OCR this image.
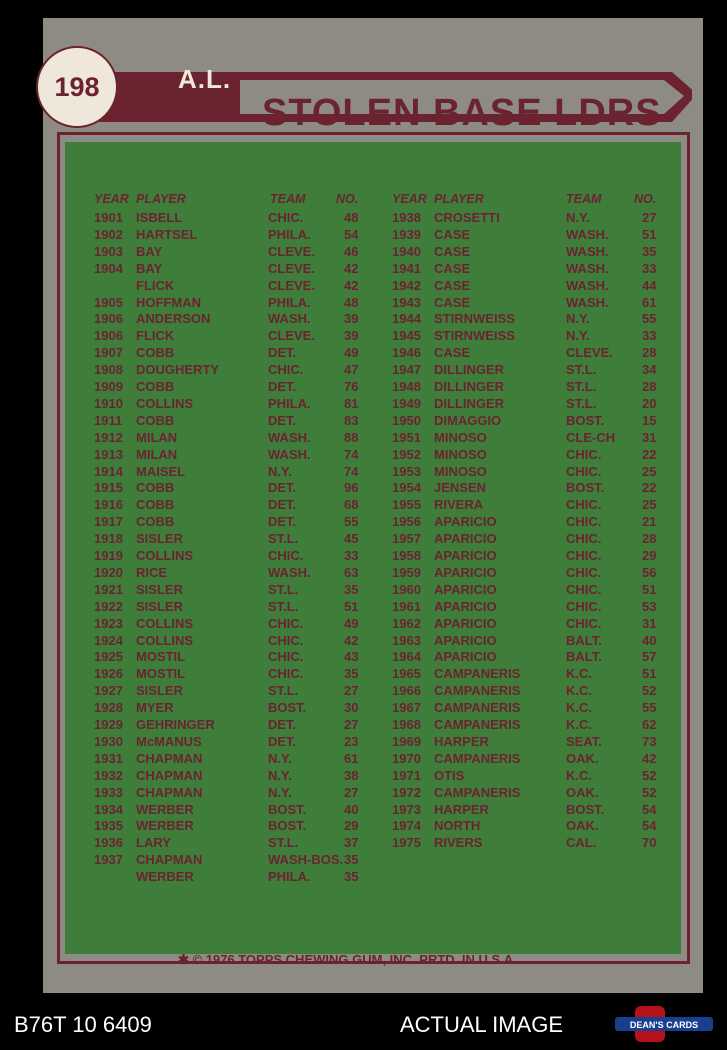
198	A.L.
STOLEN BASE LDRS
YEAR PLAYER	TEAM NO.	YEAR PLAYER	TEAM	NO.
1901 ISBELL	CHIC.	48
1902 HARTSEL	PHILA.	54
1903 BAY	CLEVE. 46
1904 BAY	CLEVE. 42
FLICK	CLEVE. 42
1905 HOFFMAN	PHILA.	48
1906 ANDERSON	WASH.	39
1906 FLICK	CLEVE. 39
1907 COBB	DET.	49
1908 DOUGHERTY	CHIC.	47
1909 COBB	DET.	76
1910 COLLINS	PHILA.	81
1911 COBB	DET.	83
1912 MILAN	WASH.	88
1913 MILAN	WASH.	74
1914 MAISEL	N.Y.	74
1915 COBB	DET.	96
1916 COBB	DET.	68
1917 COBB	DET.	55
1918 SISLER	ST.L.	45
1919 COLLINS	CHIC.	33
1920 RICE	WASH.	63
1921 SISLER	ST.L.	35
1922 SISLER	ST.L.	51
1923 COLLINS	CHIC.	49
1924 COLLINS	CHIC.	42
1925 MOSTIL	CHIC.	43
1926 MOSTIL	CHIC.	35
1927 SISLER	ST.L.	27
1928 MYER	BOST.	30
1929 GEHRINGER	DET.	27
1930 McMANUS	DET.	23
1931 CHAPMAN	N.Y.	61
1932 CHAPMAN	N.Y.	38
1933 CHAPMAN	N.Y.	27
1934 WERBER	BOST.	40
1935 WERBER	BOST.	29
1936 LARY	ST.L.	37
1937 CHAPMAN	WASH-BOS. 35
WERBER	PHILA.	35
1938 CROSETTI	N.Y.	27
1939 CASE	WASH.	51
1940 CASE	WASH.	35
1941 CASE	WASH.	33
1942 CASE	WASH.	44
1943 CASE	WASH.	61
1944 STIRNWEISS	N.Y.	55
1945 STIRNWEISS	N.Y.	33
1946 CASE	CLEVE. 28
1947 DILLINGER	ST.L.	34
1948 DILLINGER	ST.L.	28
1949 DILLINGER	ST.L.	20
1950 DIMAGGIO	BOST.	15
1951 MINOSO	CLE-CH 31
1952 MINOSO	CHIC.	22
1953 MINOSO	CHIC.	25
1954 JENSEN	BOST.	22
1955 RIVERA	CHIC.	25
1956 APARICIO	CHIC.	21
1957 APARICIO	CHIC.	28
1958 APARICIO	CHIC.	29
1959 APARICIO	CHIC.	56
1960 APARICIO	CHIC.	51
1961 APARICIO	CHIC.	53
1962 APARICIO	CHIC.	31
1963 APARICIO	BALT.	40
1964 APARICIO	BALT.	57
1965 CAMPANERIS	K.C.	51
1966 CAMPANERIS	K.C.	52
1967 CAMPANERIS	K.C.	55
1968 CAMPANERIS	K.C.	62
1969 HARPER	SEAT.	73
1970 CAMPANERIS	OAK.	42
1971 OTIS	K.C.	52
1972 CAMPANERIS	OAK.	52
1973 HARPER	BOST.	54
1974 NORTH	OAK.	54
1975 RIVERS	CAL.	70
✱ © 1976 TOPPS CHEWING GUM, INC. PRTD. IN U.S.A.
B76T 10 6409	ACTUAL IMAGE	DEAN'S CARDS
